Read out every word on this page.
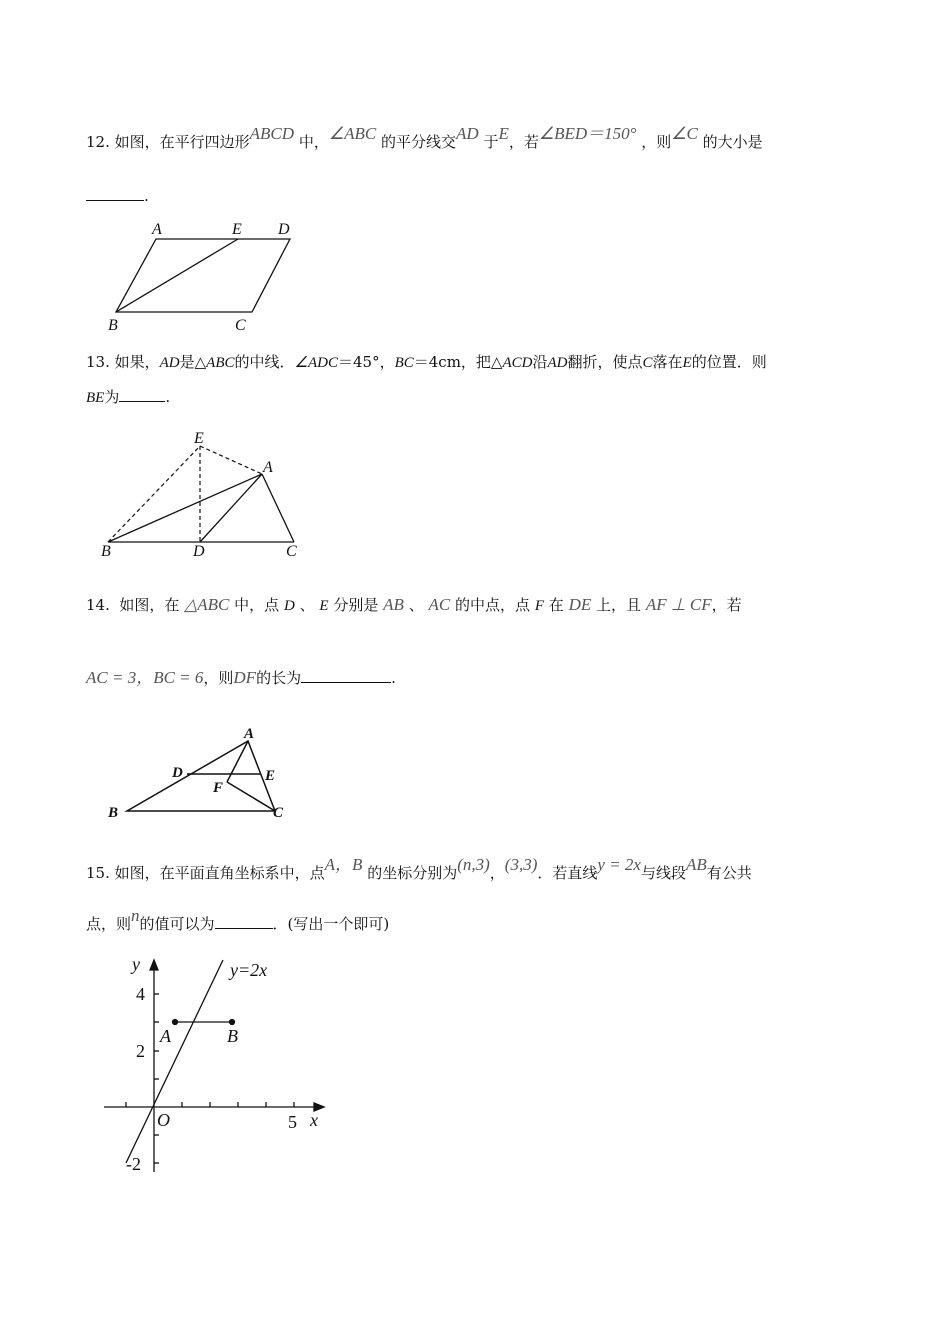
12. 如图，在平行四边形ABCD 中，∠ABC 的平分线交AD 于E，若∠BED＝150° ，则∠C 的大小是
.
A	E D
B	C
13. 如果，AD是△ABC的中线．∠ADC＝45°，BC＝4cm，把△ACD沿AD翻折，使点C落在E的位置．则
BE为	.
E
A
B	D	C
14. 如图，在 △ABC 中，点 D 、 E 分别是 AB 、 AC 的中点，点 F 在 DE 上，且 AF ⊥ CF，若
AC = 3，BC = 6，则DF的长为	.
A
D	E
F
B	C
15. 如图，在平面直角坐标系中，点A，B 的坐标分别为(n,3)，(3,3)．若直线y = 2x与线段AB有公共
点，则n的值可以为	．(写出一个即可)
y	y=2x
4
2
-2
5
O	x
A	B
